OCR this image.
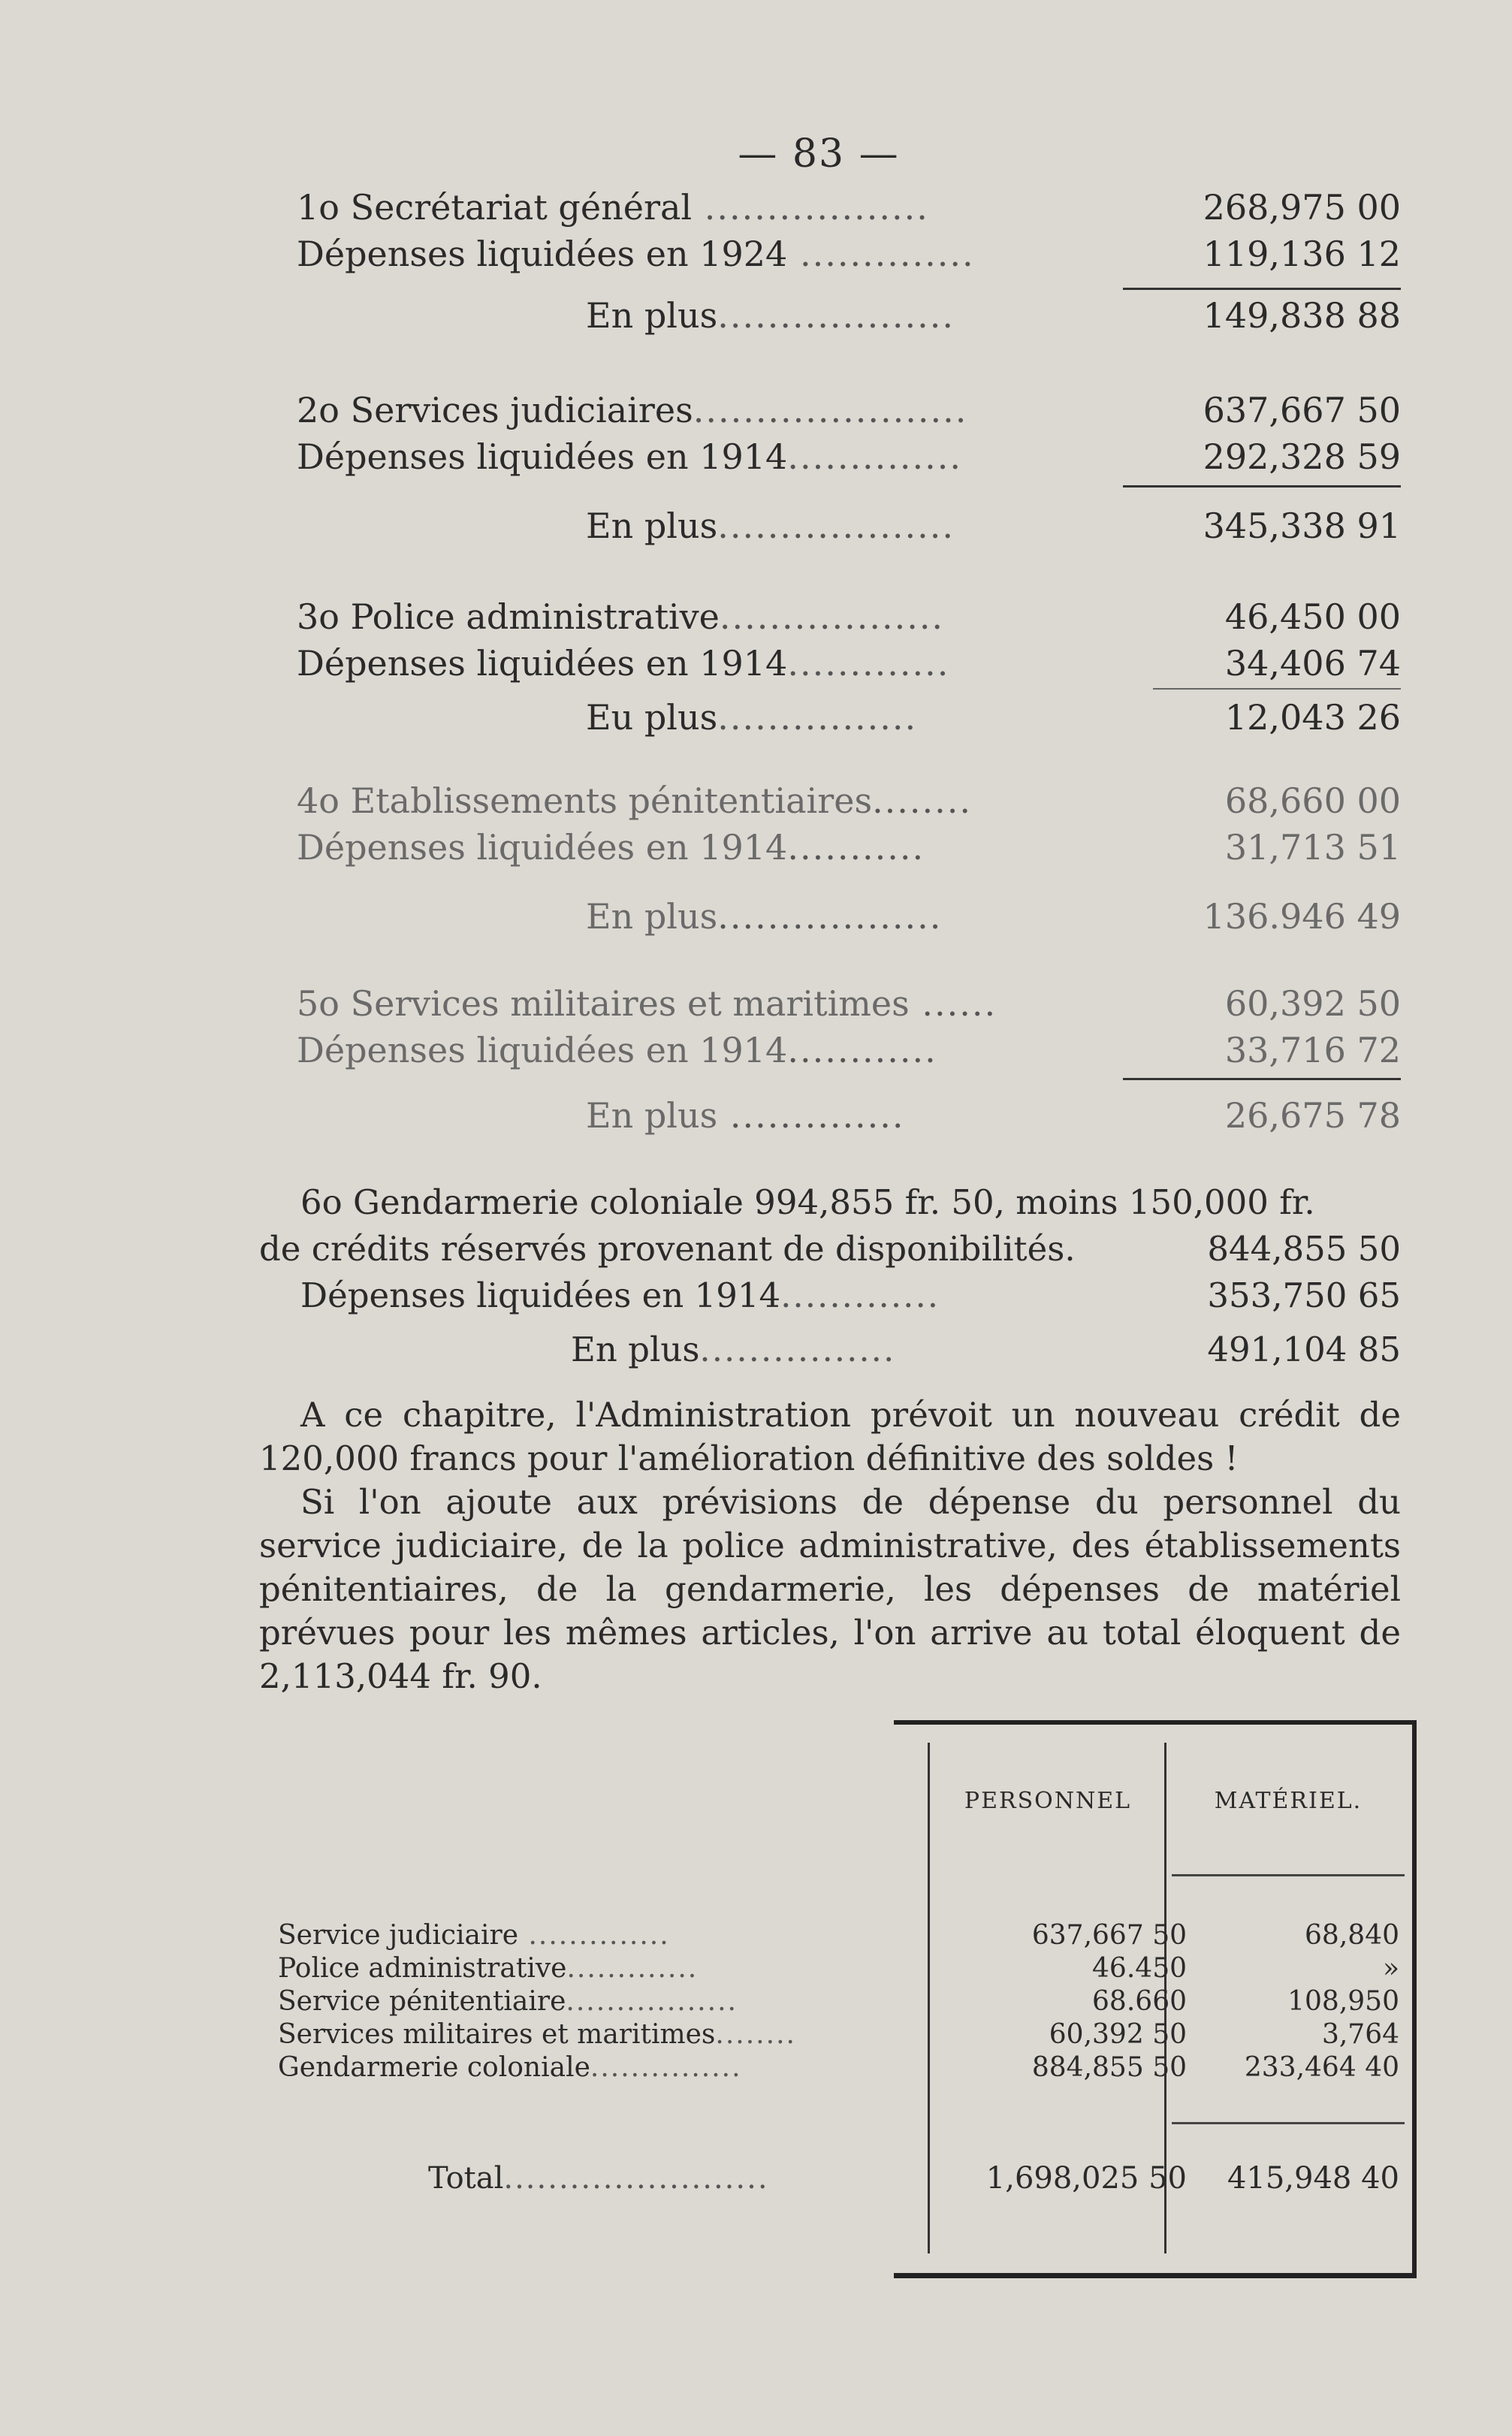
— 83 —
1o Secrétariat général ..................	268,975 00
Dépenses liquidées en 1924 ..............	119,136 12
En plus...................	149,838 88
2o Services judiciaires......................	637,667 50
Dépenses liquidées en 1914..............	292,328 59
En plus...................	345,338 91
3o Police administrative..................	46,450 00
Dépenses liquidées en 1914.............	34,406 74
Eu plus................	12,043 26
4o Etablissements pénitentiaires........	68,660 00
Dépenses liquidées en 1914...........	31,713 51
En plus..................	136.946 49
5o Services militaires et maritimes ......	60,392 50
Dépenses liquidées en 1914............	33,716 72
En plus ..............	26,675 78
6o Gendarmerie coloniale 994,855 fr. 50, moins 150,000 fr.
de crédits réservés provenant de disponibilités.	844,855 50
Dépenses liquidées en 1914.............	353,750 65
En plus................	491,104 85

A ce chapitre, l'Administration prévoit un nouveau crédit de 120,000 francs pour l'amélioration définitive des soldes !

Si l'on ajoute aux prévisions de dépense du personnel du service judiciaire, de la police administrative, des établissements pénitentiaires, de la gendarmerie, les dépenses de matériel prévues pour les mêmes articles, l'on arrive au total éloquent de 2,113,044 fr. 90.

PERSONNEL	MATÉRIEL.
Service judiciaire ..............	637,667 50	68,840
Police administrative.............	46.450	»
Service pénitentiaire.................	68.660	108,950
Services militaires et maritimes........	60,392 50	3,764
Gendarmerie coloniale...............	884,855 50	233,464 40
Total........................	1,698,025 50	415,948 40
